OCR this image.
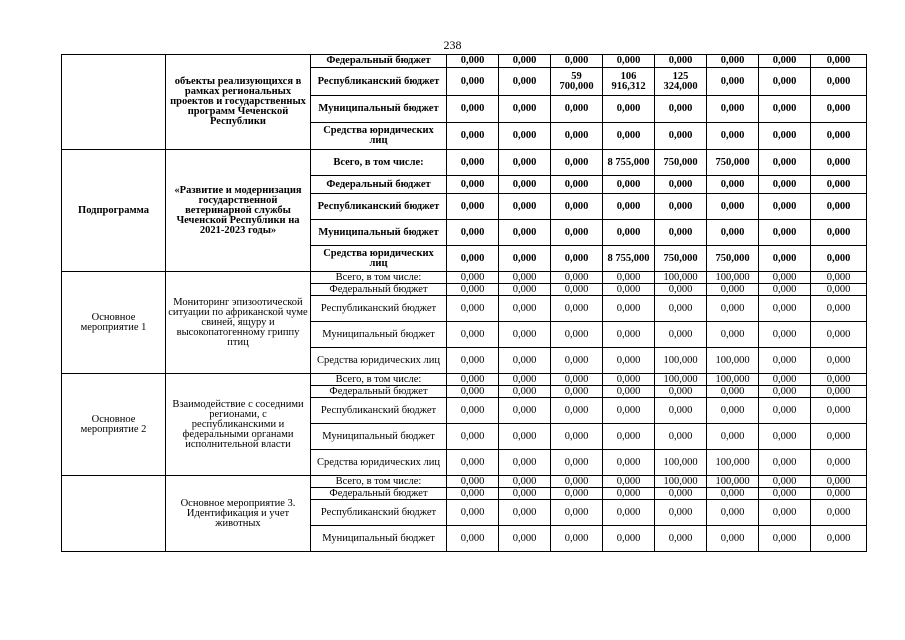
238
	объекты реализующихся в рамках региональных проектов и государственных программ Чеченской Республики	Федеральный бюджет	0,000	0,000	0,000	0,000	0,000	0,000	0,000	0,000
		Республиканский бюджет	0,000	0,000	59 700,000	106 916,312	125 324,000	0,000	0,000	0,000
		Муниципальный бюджет	0,000	0,000	0,000	0,000	0,000	0,000	0,000	0,000
		Средства юридических лиц	0,000	0,000	0,000	0,000	0,000	0,000	0,000	0,000
Подпрограмма	«Развитие и модернизация государственной ветеринарной службы Чеченской Республики на 2021-2023 годы»	Всего, в том числе:	0,000	0,000	0,000	8 755,000	750,000	750,000	0,000	0,000
		Федеральный бюджет	0,000	0,000	0,000	0,000	0,000	0,000	0,000	0,000
		Республиканский бюджет	0,000	0,000	0,000	0,000	0,000	0,000	0,000	0,000
		Муниципальный бюджет	0,000	0,000	0,000	0,000	0,000	0,000	0,000	0,000
		Средства юридических лиц	0,000	0,000	0,000	8 755,000	750,000	750,000	0,000	0,000
Основное мероприятие 1	Мониторинг эпизоотической ситуации по африканской чуме свиней, ящуру и высокопатогенному гриппу птиц	Всего, в том числе:	0,000	0,000	0,000	0,000	100,000	100,000	0,000	0,000
		Федеральный бюджет	0,000	0,000	0,000	0,000	0,000	0,000	0,000	0,000
		Республиканский бюджет	0,000	0,000	0,000	0,000	0,000	0,000	0,000	0,000
		Муниципальный бюджет	0,000	0,000	0,000	0,000	0,000	0,000	0,000	0,000
		Средства юридических лиц	0,000	0,000	0,000	0,000	100,000	100,000	0,000	0,000
Основное мероприятие 2	Взаимодействие с соседними регионами, с республиканскими и федеральными органами исполнительной власти	Всего, в том числе:	0,000	0,000	0,000	0,000	100,000	100,000	0,000	0,000
		Федеральный бюджет	0,000	0,000	0,000	0,000	0,000	0,000	0,000	0,000
		Республиканский бюджет	0,000	0,000	0,000	0,000	0,000	0,000	0,000	0,000
		Муниципальный бюджет	0,000	0,000	0,000	0,000	0,000	0,000	0,000	0,000
		Средства юридических лиц	0,000	0,000	0,000	0,000	100,000	100,000	0,000	0,000
	Основное мероприятие 3. Идентификация и учет животных	Всего, в том числе:	0,000	0,000	0,000	0,000	100,000	100,000	0,000	0,000
		Федеральный бюджет	0,000	0,000	0,000	0,000	0,000	0,000	0,000	0,000
		Республиканский бюджет	0,000	0,000	0,000	0,000	0,000	0,000	0,000	0,000
		Муниципальный бюджет	0,000	0,000	0,000	0,000	0,000	0,000	0,000	0,000
